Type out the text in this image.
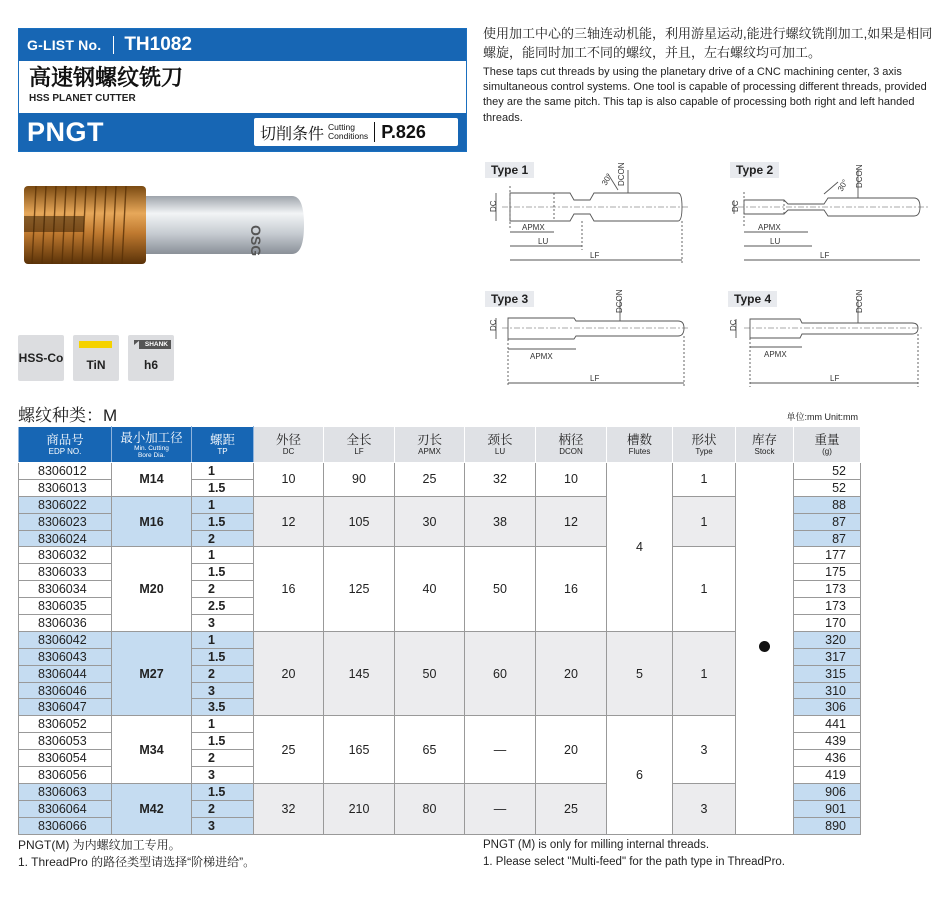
G-LIST No. TH1082
高速钢螺纹铣刀
HSS PLANET CUTTER
PNGT	切削条件 Cutting
Conditions P.826
使用加工中心的三轴连动机能，利用游星运动,能进行螺纹铣削加工,如果是相同螺旋，能同时加工不同的螺纹，并且，左右螺纹均可加工。
These taps cut threads by using the planetary drive of a CNC machining center, 3 axis simultaneous control systems. One tool is capable of processing different threads, provided they are the same pitch. This tap is also capable of processing both right and left handed threads.
OSG
HSS-Co	TiN
SHANK
h6
Type 1
DC
30° DCON
APMX
LU
LF
Type 2
DC
30° DCON
APMX
LU
LF
Type 3
DC
DCON
APMX
LF
Type 4
DC
DCON
APMX
LF
螺纹种类：M	单位:mm Unit:mm
商品号
EDP NO.	最小加工径
Min. Cutting
Bore Dia.	螺距
TP	外径
DC	全长
LF	刃长
APMX	颈长
LU	柄径
DCON	槽数
Flutes	形状
Type	库存
Stock	重量
(g)

8306012	M14	1	10	90	25	32	10	4	1		52
8306013		1.5									52
8306022	M16	1	12	105	30	38	12		1		88
8306023		1.5									87
8306024		2									87
8306032	M20	1	16	125	40	50	16		1		177
8306033		1.5									175
8306034		2									173
8306035		2.5									173
8306036		3									170
8306042	M27	1	20	145	50	60	20	5	1		320
8306043		1.5									317
8306044		2									315
8306046		3									310
8306047		3.5									306
8306052	M34	1	25	165	65	—	20	6	3		441
8306053		1.5									439
8306054		2									436
8306056		3									419
8306063	M42	1.5	32	210	80	—	25		3		906
8306064		2									901
8306066		3									890
PNGT(M) 为内螺纹加工专用。
1. ThreadPro 的路径类型请选择“阶梯进给”。
PNGT (M) is only for milling internal threads.
1. Please select "Multi-feed" for the path type in ThreadPro.
